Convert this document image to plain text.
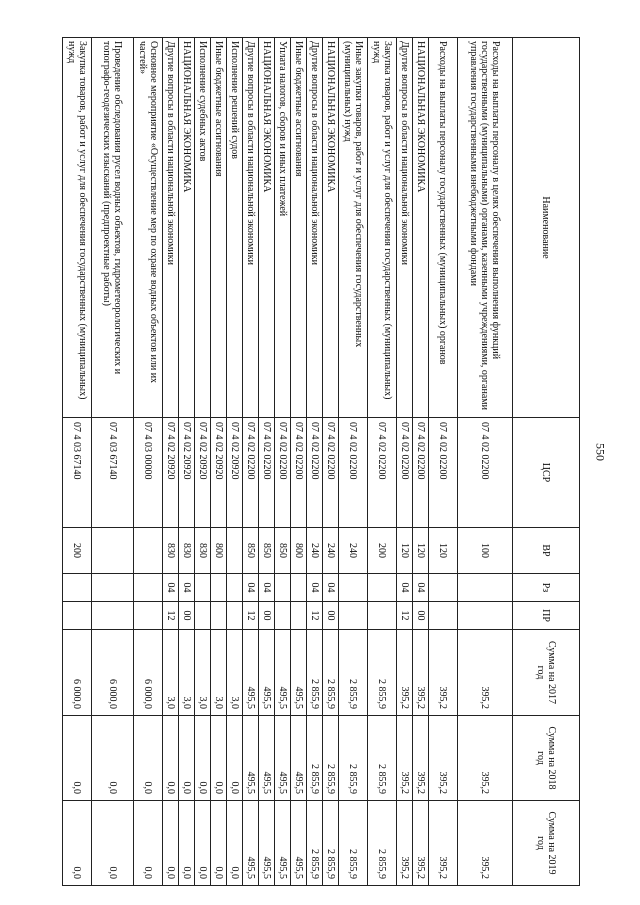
550
Наименование	ЦСР	ВР	Рз	ПР	Сумма на 2017 год	Сумма на 2018 год	Сумма на 2019 год
Расходы на выплаты персоналу в целях обеспечения выполнения функций государственными (муниципальными) органами, казенными учреждениями, органами управления государственными внебюджетными фондами	07 4 02 02200	100			395,2	395,2	395,2
Расходы на выплаты персоналу государственных (муниципальных) органов	07 4 02 02200	120			395,2	395,2	395,2
НАЦИОНАЛЬНАЯ ЭКОНОМИКА	07 4 02 02200	120	04	00	395,2	395,2	395,2
Другие вопросы в области национальной экономики	07 4 02 02200	120	04	12	395,2	395,2	395,2
Закупка товаров, работ и услуг для обеспечения государственных (муниципальных) нужд	07 4 02 02200	200			2 855,9	2 855,9	2 855,9
Иные закупки товаров, работ и услуг для обеспечения государственных (муниципальных) нужд	07 4 02 02200	240			2 855,9	2 855,9	2 855,9
НАЦИОНАЛЬНАЯ ЭКОНОМИКА	07 4 02 02200	240	04	00	2 855,9	2 855,9	2 855,9
Другие вопросы в области национальной экономики	07 4 02 02200	240	04	12	2 855,9	2 855,9	2 855,9
Иные бюджетные ассигнования	07 4 02 02200	800			495,5	495,5	495,5
Уплата налогов, сборов и иных платежей	07 4 02 02200	850			495,5	495,5	495,5
НАЦИОНАЛЬНАЯ ЭКОНОМИКА	07 4 02 02200	850	04	00	495,5	495,5	495,5
Другие вопросы в области национальной экономики	07 4 02 02200	850	04	12	495,5	495,5	495,5
Исполнение решений судов	07 4 02 20920				3,0	0,0	0,0
Иные бюджетные ассигнования	07 4 02 20920	800			3,0	0,0	0,0
Исполнение судебных актов	07 4 02 20920	830			3,0	0,0	0,0
НАЦИОНАЛЬНАЯ ЭКОНОМИКА	07 4 02 20920	830	04	00	3,0	0,0	0,0
Другие вопросы в области национальной экономики	07 4 02 20920	830	04	12	3,0	0,0	0,0
Основное мероприятие «Осуществление мер по охране водных объектов или их частей»	07 4 03 00000				6 000,0	0,0	0,0
Проведение обследования русел водных объектов, гидрометеорологических и топографо-геодезических изысканий (предпроектные работы)	07 4 03 67140				6 000,0	0,0	0,0
Закупка товаров, работ и услуг для обеспечения государственных (муниципальных) нужд	07 4 03 67140	200			6 000,0	0,0	0,0
